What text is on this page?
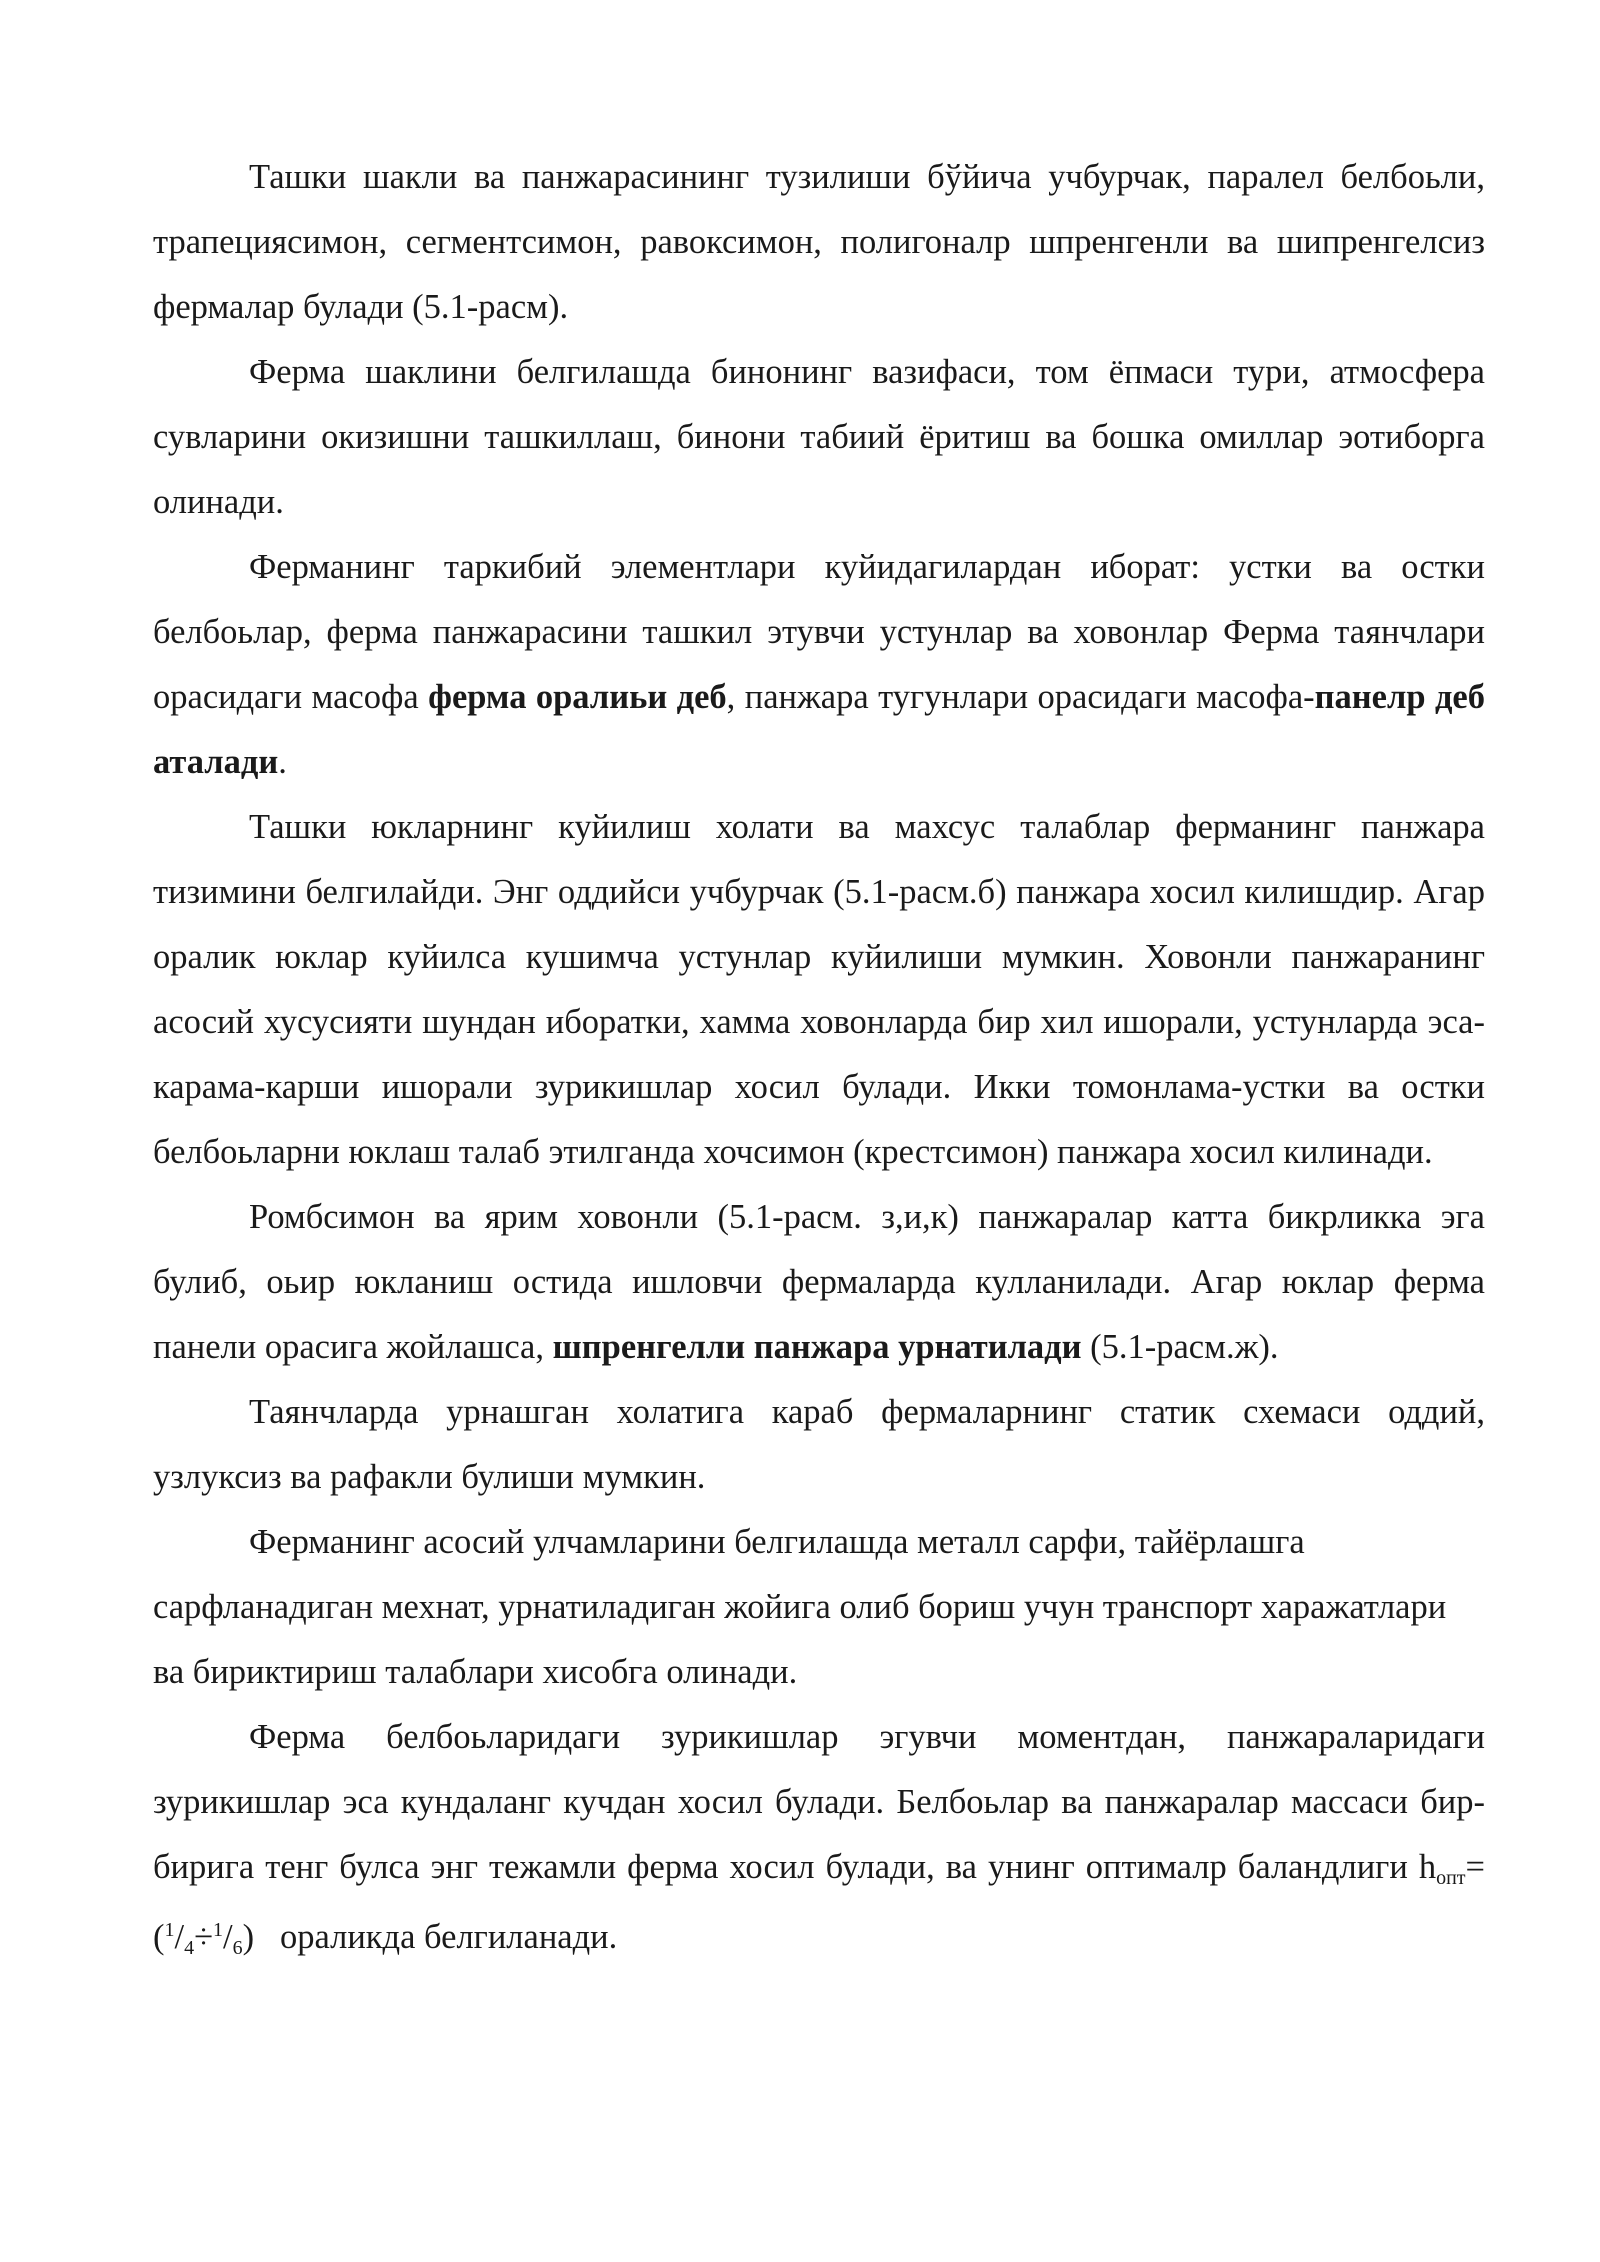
Ташки шакли ва панжарасининг тузилиши бўйича учбурчак, паралел белбоьли, трапециясимон, сегментсимон, равоксимон, полигоналр шпренгенли ва шипренгелсиз фермалар булади (5.1-расм).

Ферма шаклини белгилашда бинонинг вазифаси, том ёпмаси тури, атмосфера сувларини окизишни ташкиллаш, бинони табиий ёритиш ва бошка омиллар эотиборга олинади.

Ферманинг таркибий элементлари куйидагилардан иборат: устки ва остки белбоьлар, ферма панжарасини ташкил этувчи устунлар ва ховонлар Ферма таянчлари орасидаги масофа ферма оралиьи деб, панжара тугунлари орасидаги масофа-панелр деб аталади.

Ташки юкларнинг куйилиш холати ва махсус талаблар ферманинг панжара тизимини белгилайди. Энг оддийси учбурчак (5.1-расм.б) панжара хосил килишдир. Агар оралик юклар куйилса кушимча устунлар куйилиши мумкин. Ховонли панжаранинг асосий хусусияти шундан иборатки, хамма ховонларда бир хил ишорали, устунларда эса- карама-карши ишорали зурикишлар хосил булади. Икки томонлама-устки ва остки белбоьларни юклаш талаб этилганда хочсимон (крестсимон) панжара хосил килинади.

Ромбсимон ва ярим ховонли (5.1-расм. з,и,к) панжаралар катта бикрликка эга булиб, оьир юкланиш остида ишловчи фермаларда кулланилади. Агар юклар ферма панели орасига жойлашса, шпренгелли панжара урнатилади (5.1-расм.ж).

Таянчларда урнашган холатига караб фермаларнинг статик схемаси оддий, узлуксиз ва рафакли булиши мумкин.

Ферманинг асосий улчамларини белгилашда металл сарфи, тайёрлашга сарфланадиган мехнат, урнатиладиган жойига олиб бориш учун транспорт харажатлари ва бириктириш талаблари хисобга олинади.

Ферма белбоьларидаги зурикишлар эгувчи моментдан, панжараларидаги зурикишлар эса кундаланг кучдан хосил булади. Белбоьлар ва панжаралар массаси бир-бирига тенг булса энг тежамли ферма хосил булади, ва унинг оптималр баландлиги hопт=($^1$/4÷$^1$/6)   ораликда белгиланади.
